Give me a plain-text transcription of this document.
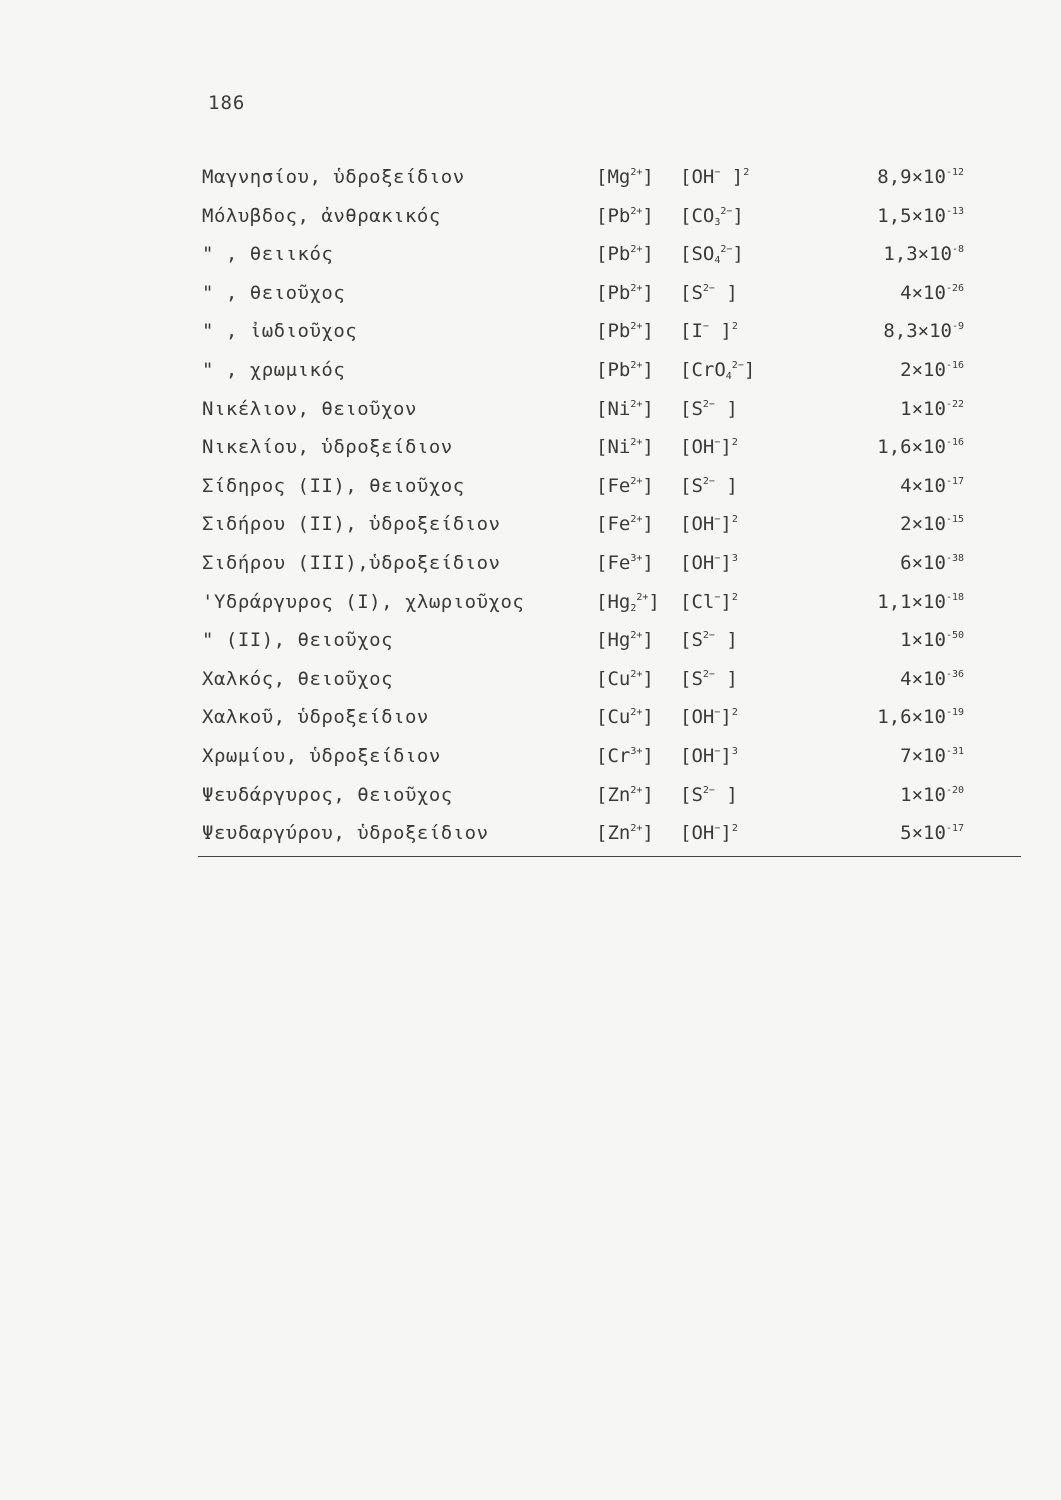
186
Μαγνησίου, ὑδροξείδιον	$[Mg^{2+}]$ [OH− ]$^2$	$8,9\times 10^{-12}$
Μόλυβδος, ἀνθρακικός	$[Pb^{2+}]$ $[CO_3^{2-}]$	$1,5\times 10^{-13}$
" , θειικός	$[Pb^{2+}]$ $[SO_4^{2-}]$	$1,3\times 10^{-8}$
" , θειοῦχος	$[Pb^{2+}]$ [$S^{2-}$ ]	$4\times 10^{-26}$
" , ἰωδιοῦχος	$[Pb^{2+}]$ [I− ]$^2$	$8,3\times 10^{-9}$
" , χρωμικός	$[Pb^{2+}]$ [CrO$_4^{2-}$]	$2\times 10^{-16}$
Νικέλιον, θειοῦχον	$[Ni^{2+}]$ [$S^{2-}$ ]	$1\times 10^{-22}$
Νικελίου, ὑδροξείδιον	$[Ni^{2+}]$ $[OH^-]^2$	$1,6\times 10^{-16}$
Σίδηρος (II), θειοῦχος	$[Fe^{2+}]$ [$S^{2-}$ ]	$4\times 10^{-17}$
Σιδήρου (II), ὑδροξείδιον	$[Fe^{2+}]$ $[OH^-]^2$	$2\times 10^{-15}$
Σιδήρου (III),ὑδροξείδιον	$[Fe^{3+}]$ $[OH^-]^3$	$6\times 10^{-38}$
'Υδράργυρος (I), χλωριοῦχος	$[Hg_2^{2+}]$ $[Cl^-]^2$	$1,1\times 10^{-18}$
" (II), θειοῦχος	$[Hg^{2+}]$ [$S^{2-}$ ]	$1\times 10^{-50}$
Χαλκός, θειοῦχος	$[Cu^{2+}]$ [$S^{2-}$ ]	$4\times 10^{-36}$
Χαλκοῦ, ὑδροξείδιον	$[Cu^{2+}]$ $[OH^-]^2$	$1,6\times 10^{-19}$
Χρωμίου, ὑδροξείδιον	$[Cr^{3+}]$ $[OH^-]^3$	$7\times 10^{-31}$
Ψευδάργυρος, θειοῦχος	$[Zn^{2+}]$ [$S^{2-}$ ]	$1\times 10^{-20}$
Ψευδαργύρου, ὑδροξείδιον	$[Zn^{2+}]$ $[OH^-]^2$	$5\times 10^{-17}$
